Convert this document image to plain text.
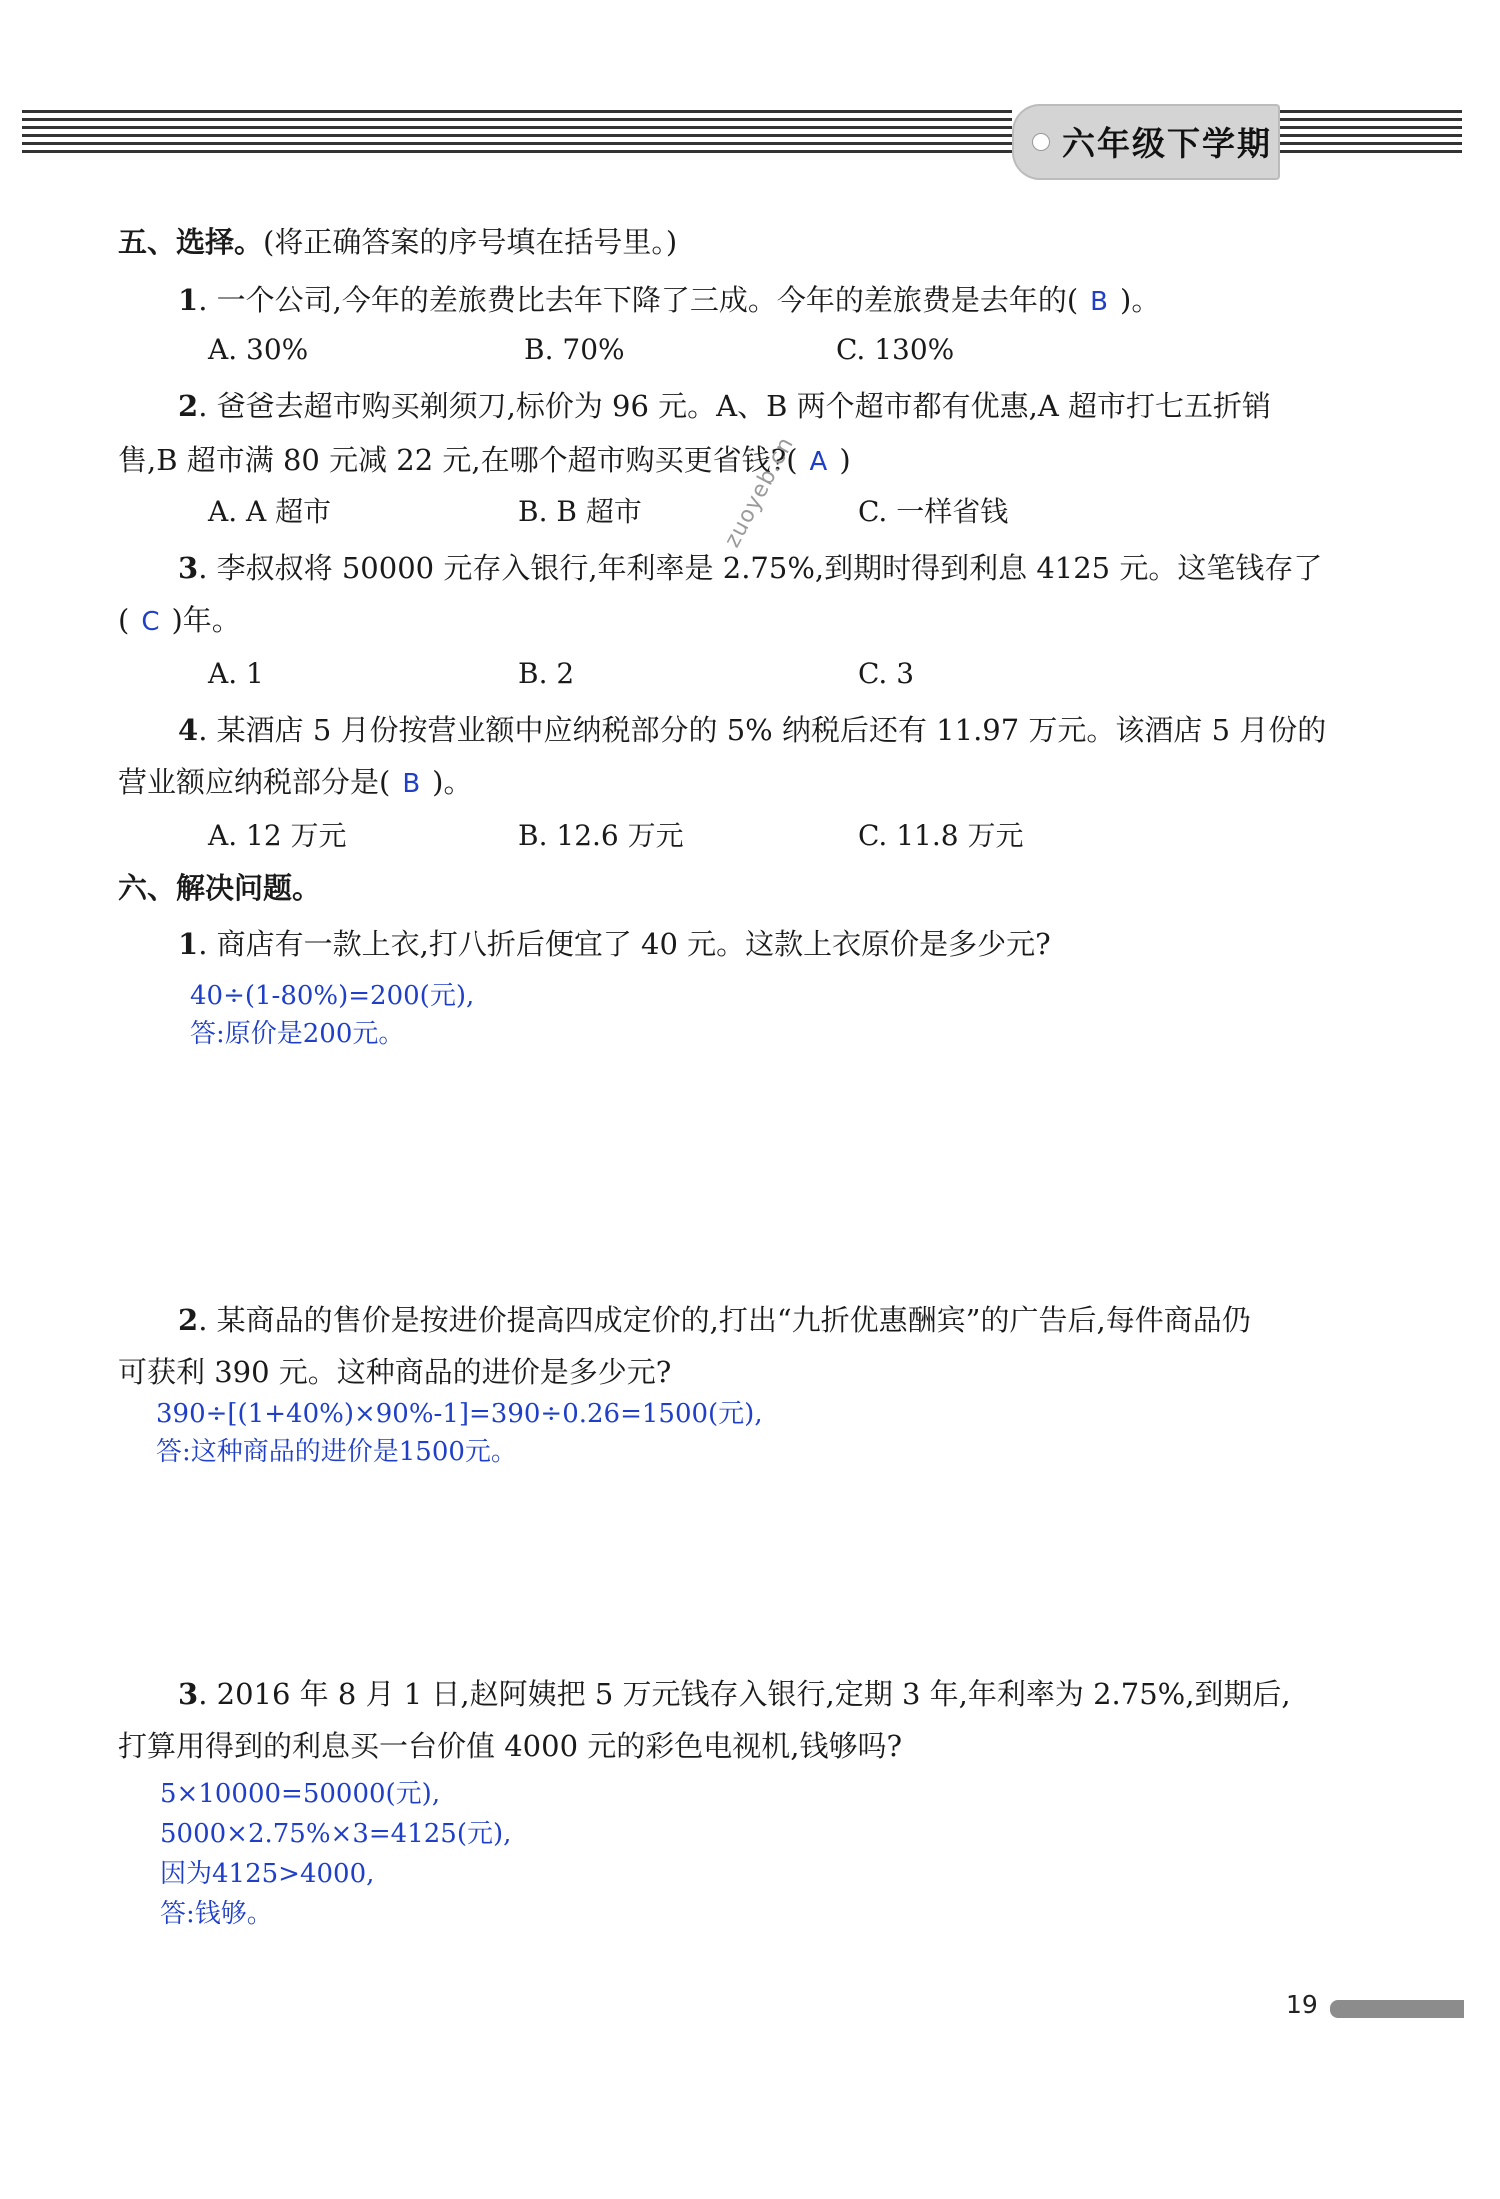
六年级下学期
五、选择。(将正确答案的序号填在括号里。)
1. 一个公司,今年的差旅费比去年下降了三成。今年的差旅费是去年的( B )。
A. 30%	B. 70%	C. 130%
2. 爸爸去超市购买剃须刀,标价为 96 元。A、B 两个超市都有优惠,A 超市打七五折销
售,B 超市满 80 元减 22 元,在哪个超市购买更省钱?( A )
A. A 超市	B. B 超市	C. 一样省钱
zuoyeb.cn
3. 李叔叔将 50000 元存入银行,年利率是 2.75%,到期时得到利息 4125 元。这笔钱存了
( C )年。
A. 1	B. 2	C. 3
4. 某酒店 5 月份按营业额中应纳税部分的 5% 纳税后还有 11.97 万元。该酒店 5 月份的
营业额应纳税部分是( B )。
A. 12 万元	B. 12.6 万元	C. 11.8 万元
六、解决问题。
1. 商店有一款上衣,打八折后便宜了 40 元。这款上衣原价是多少元?
40÷(1-80%)=200(元),
答:原价是200元。
2. 某商品的售价是按进价提高四成定价的,打出“九折优惠酬宾”的广告后,每件商品仍
可获利 390 元。这种商品的进价是多少元?
390÷[(1+40%)×90%-1]=390÷0.26=1500(元),
答:这种商品的进价是1500元。
3. 2016 年 8 月 1 日,赵阿姨把 5 万元钱存入银行,定期 3 年,年利率为 2.75%,到期后,
打算用得到的利息买一台价值 4000 元的彩色电视机,钱够吗?
5×10000=50000(元),
5000×2.75%×3=4125(元),
因为4125>4000,
答:钱够。
19
